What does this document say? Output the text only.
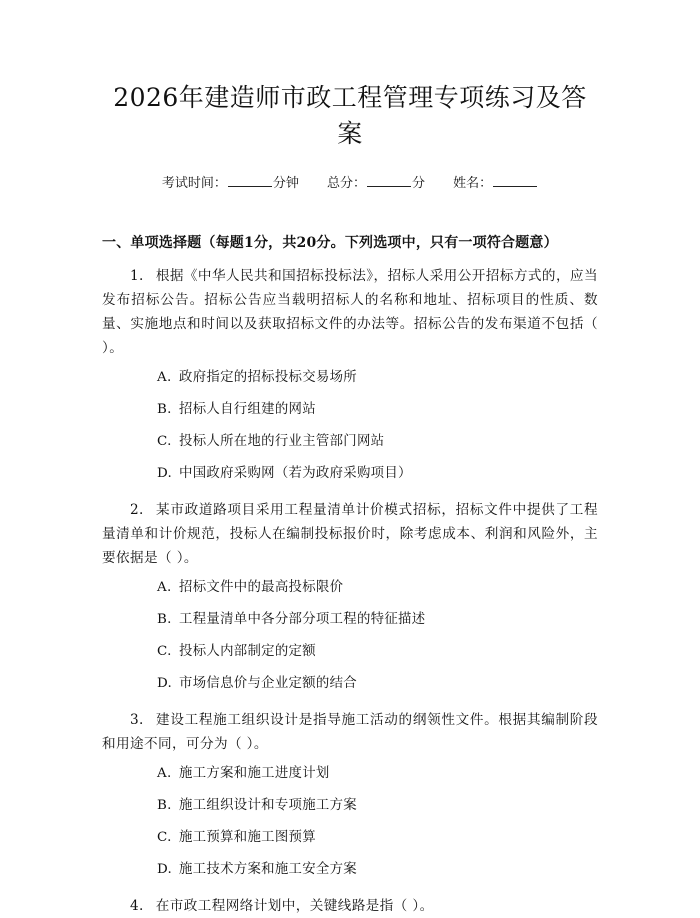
2026年建造师市政工程管理专项练习及答案
考试时间：	分钟 总分：	分 姓名：
一、单项选择题（每题1分，共20分。下列选项中，只有一项符合题意）
1. 根据《中华人民共和国招标投标法》，招标人采用公开招标方式的，应当发布招标公告。招标公告应当载明招标人的名称和地址、招标项目的性质、数量、实施地点和时间以及获取招标文件的办法等。招标公告的发布渠道不包括（ ）。
A. 政府指定的招标投标交易场所
B. 招标人自行组建的网站
C. 投标人所在地的行业主管部门网站
D. 中国政府采购网（若为政府采购项目）
2. 某市政道路项目采用工程量清单计价模式招标，招标文件中提供了工程量清单和计价规范，投标人在编制投标报价时，除考虑成本、利润和风险外，主要依据是（ ）。
A. 招标文件中的最高投标限价
B. 工程量清单中各分部分项工程的特征描述
C. 投标人内部制定的定额
D. 市场信息价与企业定额的结合
3. 建设工程施工组织设计是指导施工活动的纲领性文件。根据其编制阶段和用途不同，可分为（ ）。
A. 施工方案和施工进度计划
B. 施工组织设计和专项施工方案
C. 施工预算和施工图预算
D. 施工技术方案和施工安全方案
4. 在市政工程网络计划中，关键线路是指（ ）。
